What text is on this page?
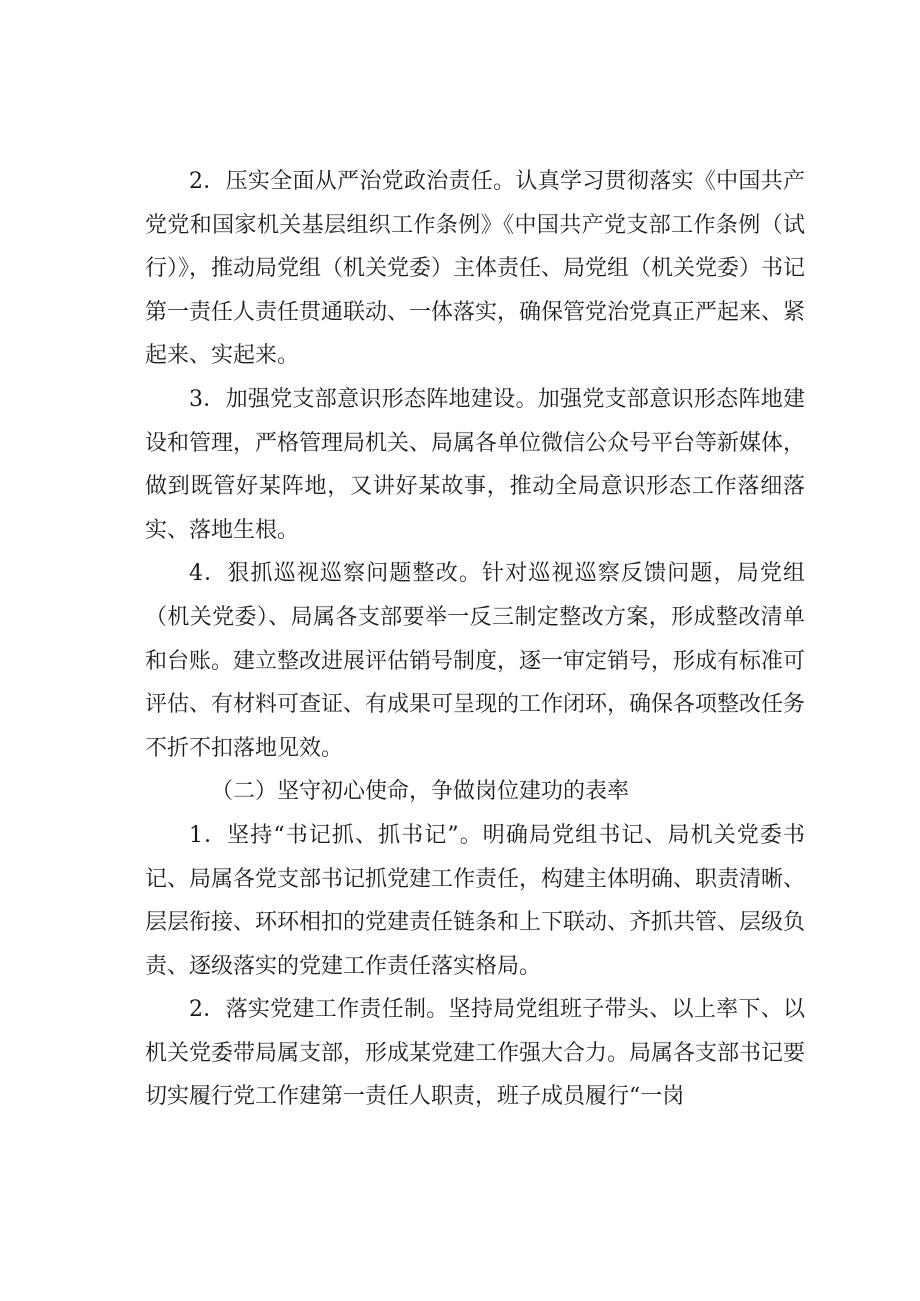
2．压实全面从严治党政治责任。认真学习贯彻落实《中国共产党党和国家机关基层组织工作条例》《中国共产党支部工作条例（试行）》，推动局党组（机关党委）主体责任、局党组（机关党委）书记第一责任人责任贯通联动、一体落实，确保管党治党真正严起来、紧起来、实起来。

3．加强党支部意识形态阵地建设。加强党支部意识形态阵地建设和管理，严格管理局机关、局属各单位微信公众号平台等新媒体，做到既管好某阵地，又讲好某故事，推动全局意识形态工作落细落实、落地生根。

4．狠抓巡视巡察问题整改。针对巡视巡察反馈问题，局党组（机关党委）、局属各支部要举一反三制定整改方案，形成整改清单和台账。建立整改进展评估销号制度，逐一审定销号，形成有标准可评估、有材料可查证、有成果可呈现的工作闭环，确保各项整改任务不折不扣落地见效。

（二）坚守初心使命，争做岗位建功的表率

1．坚持“书记抓、抓书记”。明确局党组书记、局机关党委书记、局属各党支部书记抓党建工作责任，构建主体明确、职责清晰、层层衔接、环环相扣的党建责任链条和上下联动、齐抓共管、层级负责、逐级落实的党建工作责任落实格局。

2．落实党建工作责任制。坚持局党组班子带头、以上率下、以机关党委带局属支部，形成某党建工作强大合力。局属各支部书记要切实履行党工作建第一责任人职责，班子成员履行“一岗
